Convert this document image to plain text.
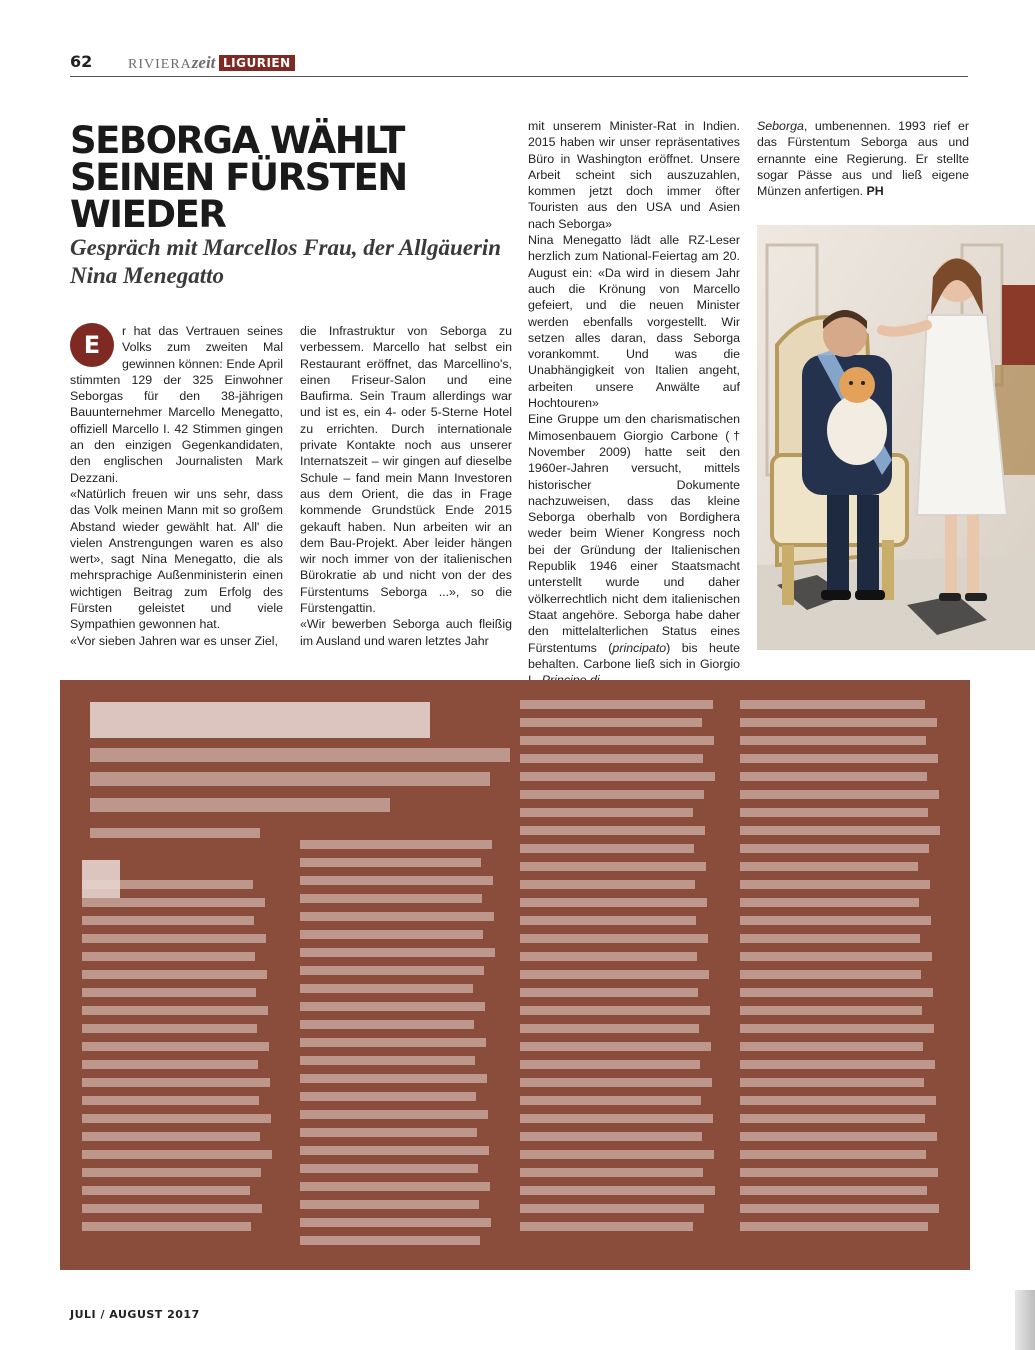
62	RIVIERAzeit LIGURIEN
SEBORGA WÄHLT SEINEN FÜRSTEN WIEDER
Gespräch mit Marcellos Frau, der Allgäuerin Nina Menegatto
E	r hat das Vertrauen seines Volks zum zweiten Mal gewinnen können: Ende April stimmten 129 der 325 Einwohner Seborgas für den 38-jährigen Bauunternehmer Marcello Menegatto, offiziell Marcello I. 42 Stimmen gingen an den einzigen Gegenkandidaten, den englischen Journalisten Mark Dezzani.

«Natürlich freuen wir uns sehr, dass das Volk meinen Mann mit so großem Abstand wieder gewählt hat. All' die vielen Anstrengungen waren es also wert», sagt Nina Menegatto, die als mehrsprachige Außenministerin einen wichtigen Beitrag zum Erfolg des Fürsten geleistet und viele Sympathien gewonnen hat.

«Vor sieben Jahren war es unser Ziel,

die Infrastruktur von Seborga zu verbessem. Marcello hat selbst ein Restaurant eröffnet, das Marcellino's, einen Friseur-Salon und eine Baufirma. Sein Traum allerdings war und ist es, ein 4- oder 5-Sterne Hotel zu errichten. Durch internationale private Kontakte noch aus unserer Internatszeit – wir gingen auf dieselbe Schule – fand mein Mann Investoren aus dem Orient, die das in Frage kommende Grundstück Ende 2015 gekauft haben. Nun arbeiten wir an dem Bau-Projekt. Aber leider hängen wir noch immer von der italienischen Bürokratie ab und nicht von der des Fürstentums Seborga ...», so die Fürstengattin.

«Wir bewerben Seborga auch fleißig im Ausland und waren letztes Jahr

mit unserem Minister-Rat in Indien. 2015 haben wir unser repräsentatives Büro in Washington eröffnet. Unsere Arbeit scheint sich auszuzahlen, kommen jetzt doch immer öfter Touristen aus den USA und Asien nach Seborga»

Nina Menegatto lädt alle RZ-Leser herzlich zum National-Feiertag am 20. August ein: «Da wird in diesem Jahr auch die Krönung von Marcello gefeiert, und die neuen Minister werden ebenfalls vorgestellt. Wir setzen alles daran, dass Seborga vorankommt. Und was die Unabhängigkeit von Italien angeht, arbeiten unsere Anwälte auf Hochtouren»

Eine Gruppe um den charismatischen Mimosenbauem Giorgio Carbone († November 2009) hatte seit den 1960er-Jahren versucht, mittels historischer Dokumente nachzuweisen, dass das kleine Seborga oberhalb von Bordighera weder beim Wiener Kongress noch bei der Gründung der Italienischen Republik 1946 einer Staatsmacht unterstellt wurde und daher völkerrechtlich nicht dem italienischen Staat angehöre. Seborga habe daher den mittelalterlichen Status eines Fürstentums (principato) bis heute behalten. Carbone ließ sich in Giorgio

Seborga, umbenennen. 1993 rief er das Fürstentum Seborga aus und ernannte eine Regierung. Er stellte sogar Pässe aus und ließ eigene Münzen anfertigen. PH

JULI / AUGUST 2017
